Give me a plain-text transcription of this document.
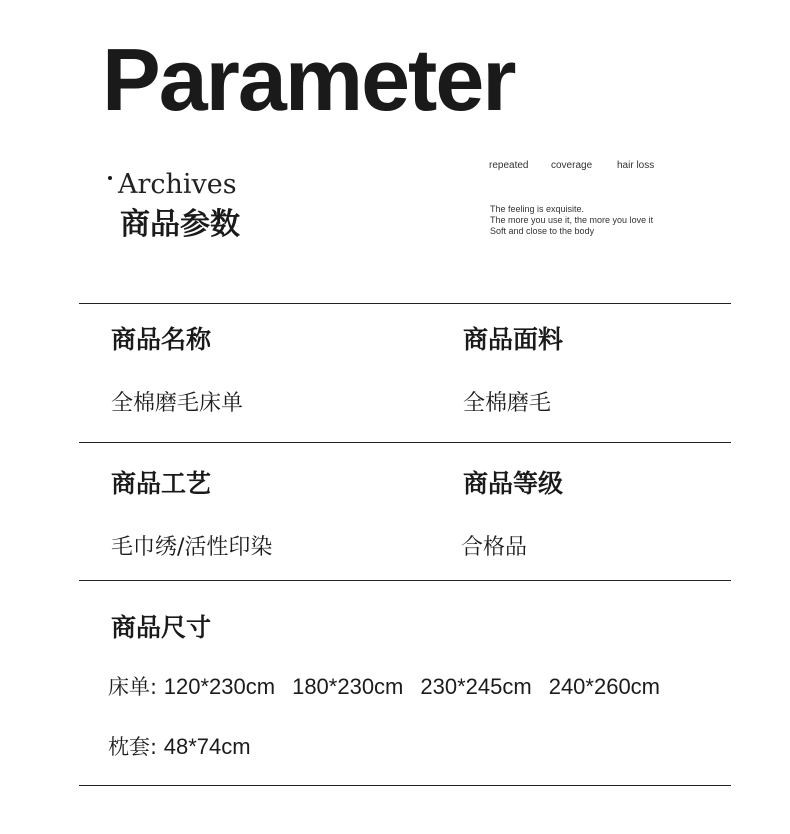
Parameter
Archives
商品参数
repeated coverage hair loss
The feeling is exquisite.
The more you use it, the more you love it
Soft and close to the body
商品名称	商品面料
全棉磨毛床单	全棉磨毛
商品工艺	商品等级
毛巾绣/活性印染	合格品
商品尺寸
床单: 120*230cm 180*230cm 230*245cm 240*260cm
枕套: 48*74cm
